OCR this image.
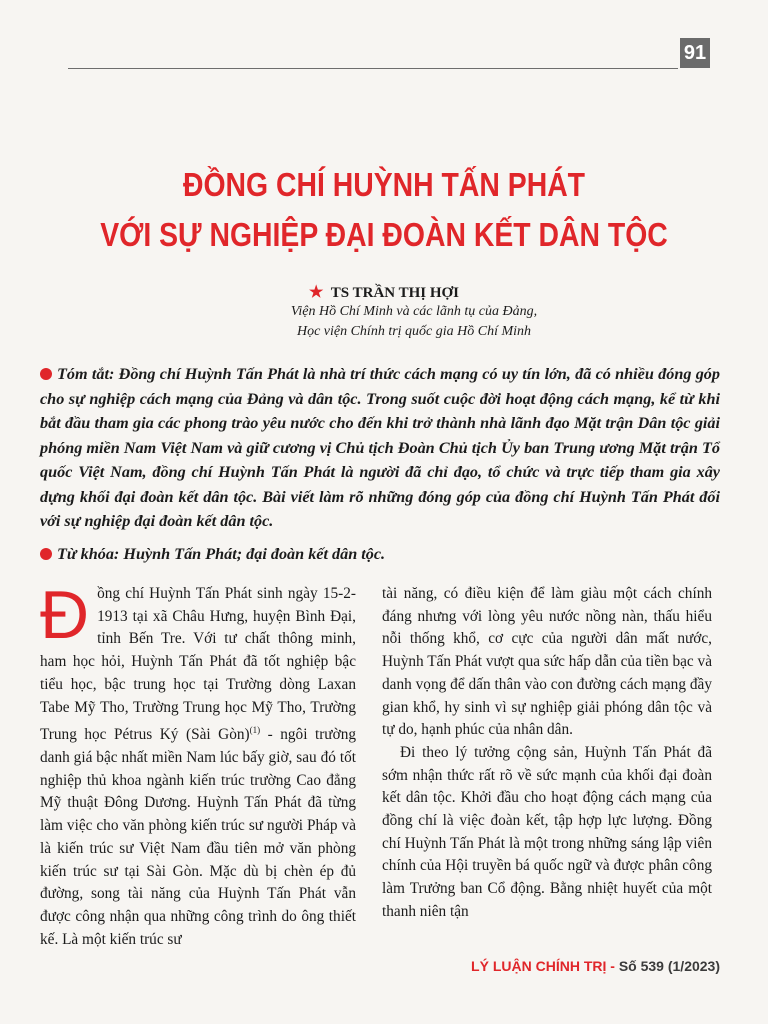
91
ĐỒNG CHÍ HUỲNH TẤN PHÁT
VỚI SỰ NGHIỆP ĐẠI ĐOÀN KẾT DÂN TỘC
★ TS TRẦN THỊ HỢI
Viện Hồ Chí Minh và các lãnh tụ của Đảng,
Học viện Chính trị quốc gia Hồ Chí Minh

Tóm tắt: Đồng chí Huỳnh Tấn Phát là nhà trí thức cách mạng có uy tín lớn, đã có nhiều đóng góp cho sự nghiệp cách mạng của Đảng và dân tộc. Trong suốt cuộc đời hoạt động cách mạng, kể từ khi bắt đầu tham gia các phong trào yêu nước cho đến khi trở thành nhà lãnh đạo Mặt trận Dân tộc giải phóng miền Nam Việt Nam và giữ cương vị Chủ tịch Đoàn Chủ tịch Ủy ban Trung ương Mặt trận Tổ quốc Việt Nam, đồng chí Huỳnh Tấn Phát là người đã chỉ đạo, tổ chức và trực tiếp tham gia xây dựng khối đại đoàn kết dân tộc. Bài viết làm rõ những đóng góp của đồng chí Huỳnh Tấn Phát đối với sự nghiệp đại đoàn kết dân tộc.

Từ khóa: Huỳnh Tấn Phát; đại đoàn kết dân tộc.

Đồng chí Huỳnh Tấn Phát sinh ngày 15-2-1913 tại xã Châu Hưng, huyện Bình Đại, tỉnh Bến Tre. Với tư chất thông minh, ham học hỏi, Huỳnh Tấn Phát đã tốt nghiệp bậc tiểu học, bậc trung học tại Trường dòng Laxan Tabe Mỹ Tho, Trường Trung học Mỹ Tho, Trường Trung học Pétrus Ký (Sài Gòn)$^{(1)}$ - ngôi trường danh giá bậc nhất miền Nam lúc bấy giờ, sau đó tốt nghiệp thủ khoa ngành kiến trúc trường Cao đẳng Mỹ thuật Đông Dương. Huỳnh Tấn Phát đã từng làm việc cho văn phòng kiến trúc sư người Pháp và là kiến trúc sư Việt Nam đầu tiên mở văn phòng kiến trúc sư tại Sài Gòn. Mặc dù bị chèn ép đủ đường, song tài năng của Huỳnh Tấn Phát vẫn được công nhận qua những công trình do ông thiết kế. Là một kiến trúc sư

tài năng, có điều kiện để làm giàu một cách chính đáng nhưng với lòng yêu nước nồng nàn, thấu hiểu nỗi thống khổ, cơ cực của người dân mất nước, Huỳnh Tấn Phát vượt qua sức hấp dẫn của tiền bạc và danh vọng để dấn thân vào con đường cách mạng đầy gian khổ, hy sinh vì sự nghiệp giải phóng dân tộc và tự do, hạnh phúc của nhân dân.

Đi theo lý tưởng cộng sản, Huỳnh Tấn Phát đã sớm nhận thức rất rõ về sức mạnh của khối đại đoàn kết dân tộc. Khởi đầu cho hoạt động cách mạng của đồng chí là việc đoàn kết, tập hợp lực lượng. Đồng chí Huỳnh Tấn Phát là một trong những sáng lập viên chính của Hội truyền bá quốc ngữ và được phân công làm Trưởng ban Cổ động. Bằng nhiệt huyết của một thanh niên tận

LÝ LUẬN CHÍNH TRỊ - Số 539 (1/2023)
